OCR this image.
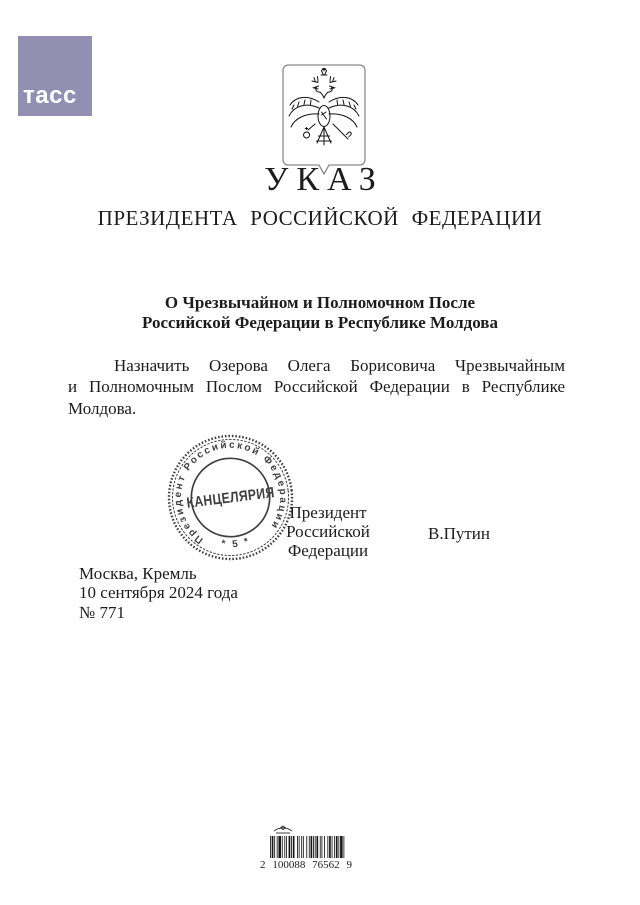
тасс
УКАЗ
ПРЕЗИДЕНТА РОССИЙСКОЙ ФЕДЕРАЦИИ
О Чрезвычайном и Полномочном После
Российской Федерации в Республике Молдова
Назначить Озерова Олега Борисовича Чрезвычайным
и Полномочным Послом Российской Федерации в Республике
Молдова.
Президент
Российской Федерации
В.Путин
Президент Российской Федерации
* 5 *
КАНЦЕЛЯРИЯ
Москва, Кремль
10 сентября 2024 года
№ 771
2 100088 76562 9
